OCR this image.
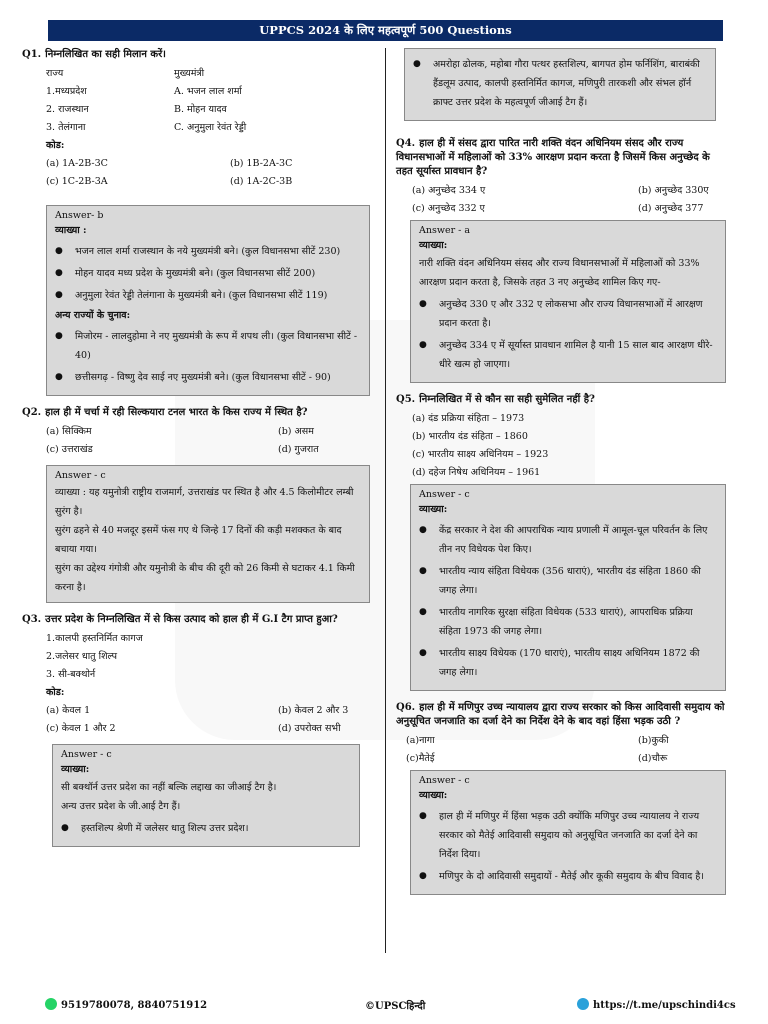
UPPCS 2024 के लिए महत्वपूर्ण 500 Questions
Q1. निम्नलिखित का सही मिलान करें।
राज्य	मुख्यमंत्री
1.मध्यप्रदेश	A. भजन लाल शर्मा
2. राजस्थान	B. मोहन यादव
3. तेलंगाना	C. अनुमुला रेवंत रेड्डी
कोड:
(a) 1A-2B-3C	(b) 1B-2A-3C
(c) 1C-2B-3A	(d) 1A-2C-3B
Answer- b
व्याख्या :
● भजन लाल शर्मा राजस्थान के नये मुख्यमंत्री बने। (कुल विधानसभा सीटें 230)
● मोहन यादव मध्य प्रदेश के मुख्यमंत्री बने। (कुल विधानसभा सीटें 200)
● अनुमुला रेवंत रेड्डी तेलंगाना के मुख्यमंत्री बने। (कुल विधानसभा सीटें 119)
अन्य राज्यों के चुनाव:
● मिजोरम - लालदुहोमा ने नए मुख्यमंत्री के रूप में शपथ ली। (कुल विधानसभा सीटें - 40)
● छत्तीसगढ़ - विष्णु देव साई नए मुख्यमंत्री बने। (कुल विधानसभा सीटें - 90)
Q2. हाल ही में चर्चा में रही सिल्कयारा टनल भारत के किस राज्य में स्थित है?
(a) सिक्किम	(b) असम
(c) उत्तराखंड	(d) गुजरात
Answer - c
व्याख्या : यह यमुनोत्री राष्ट्रीय राजमार्ग, उत्तराखंड पर स्थित है और 4.5 किलोमीटर लम्बी सुरंग है।
सुरंग ढहने से 40 मजदूर इसमें फंस गए थे जिन्हे 17 दिनों की कड़ी मशक्कत के बाद बचाया गया।
सुरंग का उद्देश्य गंगोत्री और यमुनोत्री के बीच की दूरी को 26 किमी से घटाकर 4.1 किमी करना है।
Q3. उत्तर प्रदेश के निम्नलिखित में से किस उत्पाद को हाल ही में G.I टैग प्राप्त हुआ?
1.कालपी हस्तनिर्मित कागज
2.जलेसर धातु शिल्प
3. सी-बक्थोर्न
कोड:
(a) केवल 1	(b) केवल 2 और 3
(c) केवल 1 और 2	(d) उपरोक्त सभी
Answer - c
व्याख्या:
सी बक्थॉर्न उत्तर प्रदेश का नहीं बल्कि लद्दाख का जीआई टैग है।
अन्य उत्तर प्रदेश के जी.आई टैग हैं।
● हस्तशिल्प श्रेणी में जलेसर धातु शिल्प उत्तर प्रदेश।
● अमरोहा ढोलक, महोबा गौरा पत्थर हस्तशिल्प, बागपत होम फर्निशिंग, बाराबंकी हैंडलूम उत्पाद, कालपी हस्तनिर्मित कागज, मणिपुरी तारकशी और संभल हॉर्न क्राफ्ट उत्तर प्रदेश के महत्वपूर्ण जीआई टैग हैं।
Q4. हाल ही में संसद द्वारा पारित नारी शक्ति वंदन अधिनियम संसद और राज्य विधानसभाओं में महिलाओं को 33% आरक्षण प्रदान करता है जिसमें किस अनुच्छेद के तहत सूर्यास्त प्रावधान है?
(a) अनुच्छेद 334 ए	(b) अनुच्छेद 330ए
(c) अनुच्छेद 332 ए	(d) अनुच्छेद 377
Answer - a
व्याख्या:
नारी शक्ति वंदन अधिनियम संसद और राज्य विधानसभाओं में महिलाओं को 33% आरक्षण प्रदान करता है, जिसके तहत 3 नए अनुच्छेद शामिल किए गए-
● अनुच्छेद 330 ए और 332 ए लोकसभा और राज्य विधानसभाओं में आरक्षण प्रदान करता है।
● अनुच्छेद 334 ए में सूर्यास्त प्रावधान शामिल है यानी 15 साल बाद आरक्षण धीरे-धीरे खत्म हो जाएगा।
Q5. निम्नलिखित में से कौन सा सही सुमेलित नहीं है?
(a) दंड प्रक्रिया संहिता – 1973
(b) भारतीय दंड संहिता – 1860
(c) भारतीय साक्ष्य अधिनियम – 1923
(d) दहेज निषेध अधिनियम – 1961
Answer - c
व्याख्या:
● केंद्र सरकार ने देश की आपराधिक न्याय प्रणाली में आमूल-चूल परिवर्तन के लिए तीन नए विधेयक पेश किए।
● भारतीय न्याय संहिता विधेयक (356 धाराएं), भारतीय दंड संहिता 1860 की जगह लेगा।
● भारतीय नागरिक सुरक्षा संहिता विधेयक (533 धाराएं), आपराधिक प्रक्रिया संहिता 1973 की जगह लेगा।
● भारतीय साक्ष्य विधेयक (170 धाराएं), भारतीय साक्ष्य अधिनियम 1872 की जगह लेगा।
Q6. हाल ही में मणिपुर उच्च न्यायालय द्वारा राज्य सरकार को किस आदिवासी समुदाय को अनुसूचित जनजाति का दर्जा देने का निर्देश देने के बाद वहां हिंसा भड़क उठी ?
(a)नागा	(b)कुकी
(c)मैतेई	(d)चौरू
Answer - c
व्याख्या:
● हाल ही में मणिपुर में हिंसा भड़क उठी क्योंकि मणिपुर उच्च न्यायालय ने राज्य सरकार को मैतेई आदिवासी समुदाय को अनुसूचित जनजाति का दर्जा देने का निर्देश दिया।
● मणिपुर के दो आदिवासी समुदायों - मैतेई और कूकी समुदाय के बीच विवाद है।
9519780078, 8840751912	©UPSCहिन्दी	https://t.me/upschindi4cs
